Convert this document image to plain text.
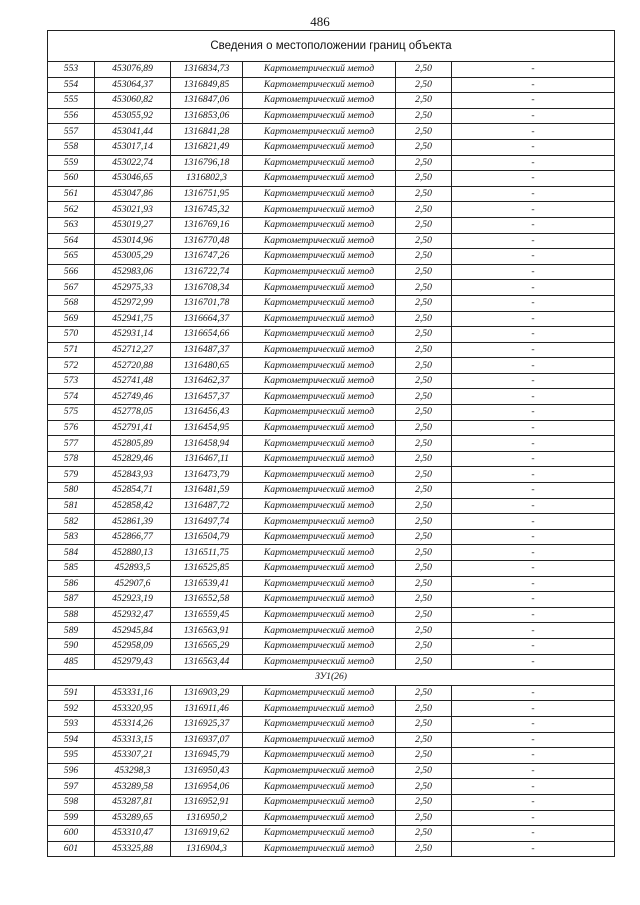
486
Сведения о местоположении границ объекта					
553	453076,89	1316834,73	Картометрический метод	2,50	-
554	453064,37	1316849,85	Картометрический метод	2,50	-
555	453060,82	1316847,06	Картометрический метод	2,50	-
556	453055,92	1316853,06	Картометрический метод	2,50	-
557	453041,44	1316841,28	Картометрический метод	2,50	-
558	453017,14	1316821,49	Картометрический метод	2,50	-
559	453022,74	1316796,18	Картометрический метод	2,50	-
560	453046,65	1316802,3	Картометрический метод	2,50	-
561	453047,86	1316751,95	Картометрический метод	2,50	-
562	453021,93	1316745,32	Картометрический метод	2,50	-
563	453019,27	1316769,16	Картометрический метод	2,50	-
564	453014,96	1316770,48	Картометрический метод	2,50	-
565	453005,29	1316747,26	Картометрический метод	2,50	-
566	452983,06	1316722,74	Картометрический метод	2,50	-
567	452975,33	1316708,34	Картометрический метод	2,50	-
568	452972,99	1316701,78	Картометрический метод	2,50	-
569	452941,75	1316664,37	Картометрический метод	2,50	-
570	452931,14	1316654,66	Картометрический метод	2,50	-
571	452712,27	1316487,37	Картометрический метод	2,50	-
572	452720,88	1316480,65	Картометрический метод	2,50	-
573	452741,48	1316462,37	Картометрический метод	2,50	-
574	452749,46	1316457,37	Картометрический метод	2,50	-
575	452778,05	1316456,43	Картометрический метод	2,50	-
576	452791,41	1316454,95	Картометрический метод	2,50	-
577	452805,89	1316458,94	Картометрический метод	2,50	-
578	452829,46	1316467,11	Картометрический метод	2,50	-
579	452843,93	1316473,79	Картометрический метод	2,50	-
580	452854,71	1316481,59	Картометрический метод	2,50	-
581	452858,42	1316487,72	Картометрический метод	2,50	-
582	452861,39	1316497,74	Картометрический метод	2,50	-
583	452866,77	1316504,79	Картометрический метод	2,50	-
584	452880,13	1316511,75	Картометрический метод	2,50	-
585	452893,5	1316525,85	Картометрический метод	2,50	-
586	452907,6	1316539,41	Картометрический метод	2,50	-
587	452923,19	1316552,58	Картометрический метод	2,50	-
588	452932,47	1316559,45	Картометрический метод	2,50	-
589	452945,84	1316563,91	Картометрический метод	2,50	-
590	452958,09	1316565,29	Картометрический метод	2,50	-
485	452979,43	1316563,44	Картометрический метод	2,50	-
ЗУ1(26)					
591	453331,16	1316903,29	Картометрический метод	2,50	-
592	453320,95	1316911,46	Картометрический метод	2,50	-
593	453314,26	1316925,37	Картометрический метод	2,50	-
594	453313,15	1316937,07	Картометрический метод	2,50	-
595	453307,21	1316945,79	Картометрический метод	2,50	-
596	453298,3	1316950,43	Картометрический метод	2,50	-
597	453289,58	1316954,06	Картометрический метод	2,50	-
598	453287,81	1316952,91	Картометрический метод	2,50	-
599	453289,65	1316950,2	Картометрический метод	2,50	-
600	453310,47	1316919,62	Картометрический метод	2,50	-
601	453325,88	1316904,3	Картометрический метод	2,50	-
